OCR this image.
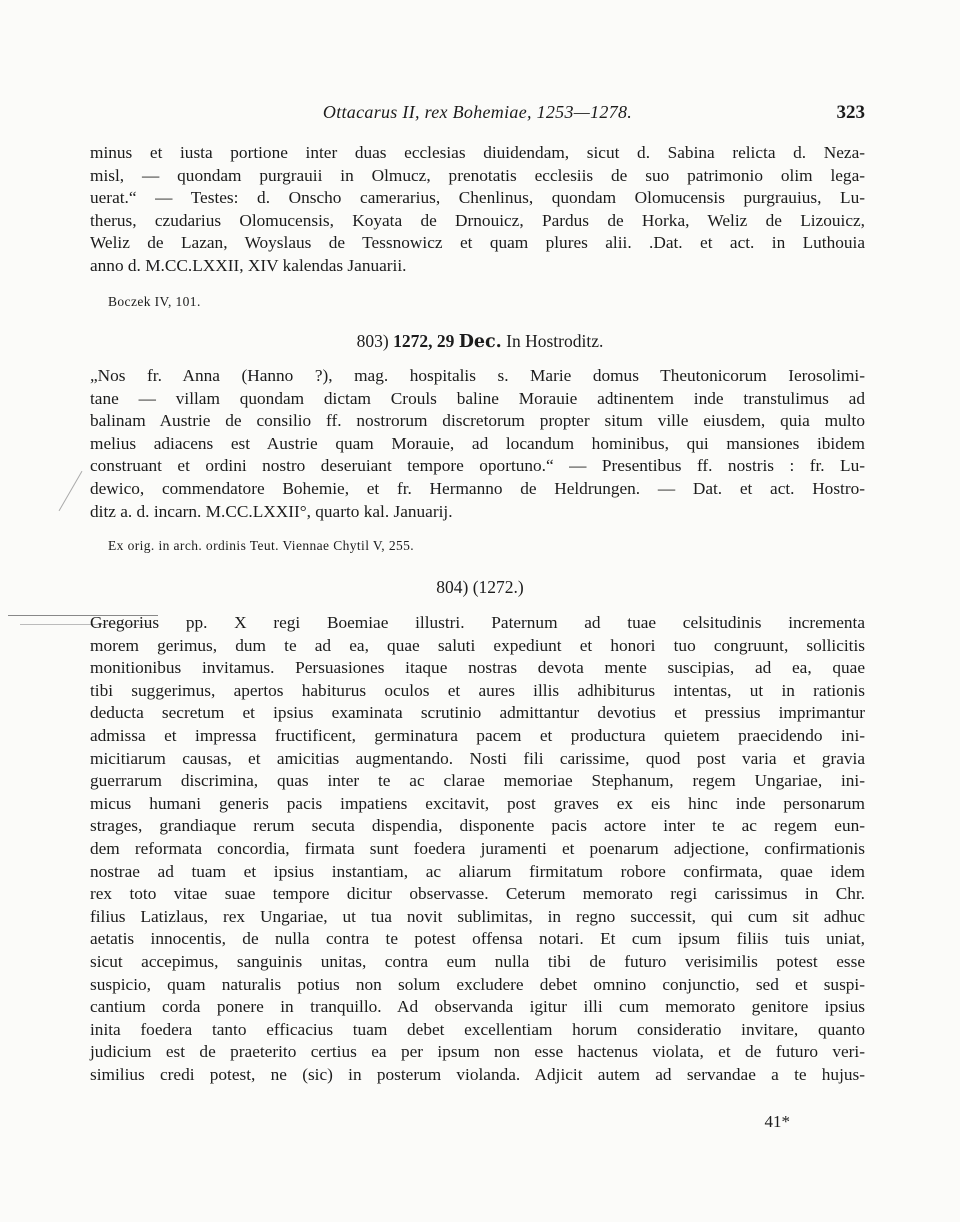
Ottacarus II, rex Bohemiae, 1253—1278.	323
minus et iusta portione inter duas ecclesias diuidendam, sicut d. Sabina relicta d. Neza-
misl, — quondam purgrauii in Olmucz, prenotatis ecclesiis de suo patrimonio olim lega-
uerat.“ — Testes: d. Onscho camerarius, Chenlinus, quondam Olomucensis purgrauius, Lu-
therus, czudarius Olomucensis, Koyata de Drnouicz, Pardus de Horka, Weliz de Lizouicz,
Weliz de Lazan, Woyslaus de Tessnowicz et quam plures alii. .Dat. et act. in Luthouia
anno d. M.CC.LXXII, XIV kalendas Januarii.
Boczek IV, 101.
803) 1272, 29 Dec. In Hostroditz.
„Nos fr. Anna (Hanno ?), mag. hospitalis s. Marie domus Theutonicorum Ierosolimi-
tane — villam quondam dictam Crouls baline Morauie adtinentem inde transtulimus ad
balinam Austrie de consilio ff. nostrorum discretorum propter situm ville eiusdem, quia multo
melius adiacens est Austrie quam Morauie, ad locandum hominibus, qui mansiones ibidem
construant et ordini nostro deseruiant tempore oportuno.“ — Presentibus ff. nostris : fr. Lu-
dewico, commendatore Bohemie, et fr. Hermanno de Heldrungen. — Dat. et act. Hostro-
ditz a. d. incarn. M.CC.LXXII°, quarto kal. Januarij.
Ex orig. in arch. ordinis Teut. Viennae Chytil V, 255.
804) (1272.)
Gregorius pp. X regi Boemiae illustri. Paternum ad tuae celsitudinis incrementa
morem gerimus, dum te ad ea, quae saluti expediunt et honori tuo congruunt, sollicitis
monitionibus invitamus. Persuasiones itaque nostras devota mente suscipias, ad ea, quae
tibi suggerimus, apertos habiturus oculos et aures illis adhibiturus intentas, ut in rationis
deducta secretum et ipsius examinata scrutinio admittantur devotius et pressius imprimantur
admissa et impressa fructificent, germinatura pacem et productura quietem praecidendo ini-
micitiarum causas, et amicitias augmentando. Nosti fili carissime, quod post varia et gravia
guerrarum discrimina, quas inter te ac clarae memoriae Stephanum, regem Ungariae, ini-
micus humani generis pacis impatiens excitavit, post graves ex eis hinc inde personarum
strages, grandiaque rerum secuta dispendia, disponente pacis actore inter te ac regem eun-
dem reformata concordia, firmata sunt foedera juramenti et poenarum adjectione, confirmationis
nostrae ad tuam et ipsius instantiam, ac aliarum firmitatum robore confirmata, quae idem
rex toto vitae suae tempore dicitur observasse. Ceterum memorato regi carissimus in Chr.
filius Latizlaus, rex Ungariae, ut tua novit sublimitas, in regno successit, qui cum sit adhuc
aetatis innocentis, de nulla contra te potest offensa notari. Et cum ipsum filiis tuis uniat,
sicut accepimus, sanguinis unitas, contra eum nulla tibi de futuro verisimilis potest esse
suspicio, quam naturalis potius non solum excludere debet omnino conjunctio, sed et suspi-
cantium corda ponere in tranquillo. Ad observanda igitur illi cum memorato genitore ipsius
inita foedera tanto efficacius tuam debet excellentiam horum consideratio invitare, quanto
judicium est de praeterito certius ea per ipsum non esse hactenus violata, et de futuro veri-
similius credi potest, ne (sic) in posterum violanda. Adjicit autem ad servandae a te hujus-
41*
